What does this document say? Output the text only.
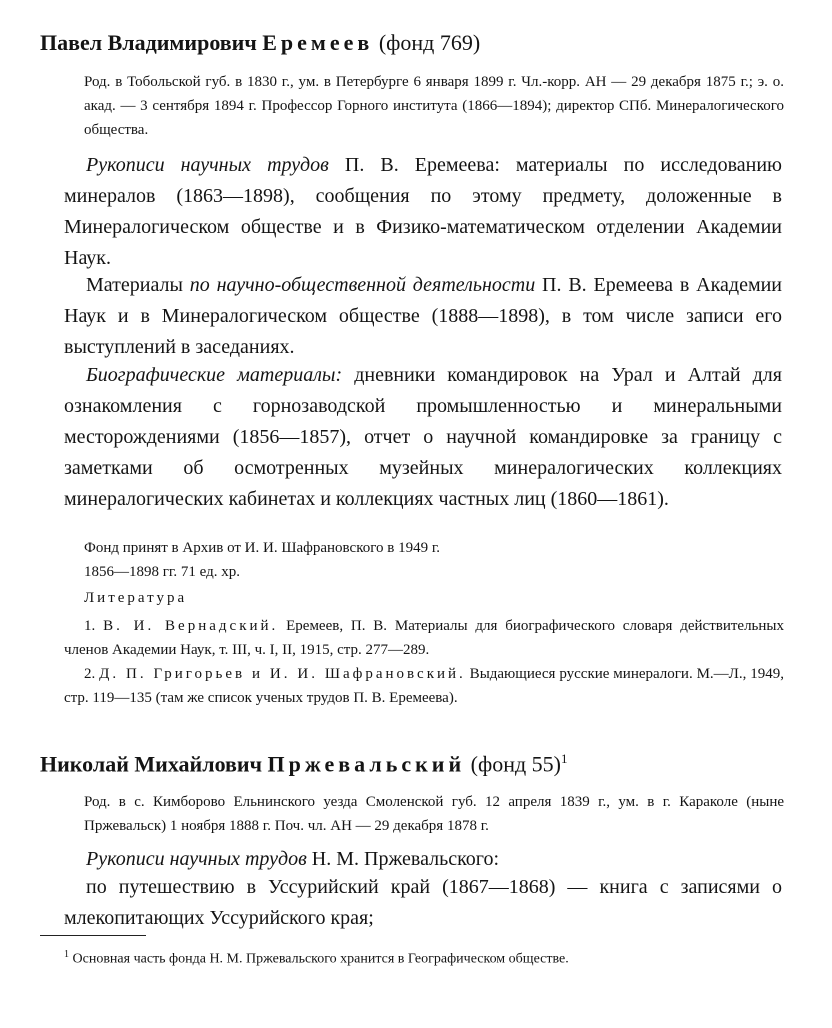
Павел Владимирович Еремеев (фонд 769)
Род. в Тобольской губ. в 1830 г., ум. в Петербурге 6 января 1899 г. Чл.-корр. АН — 29 декабря 1875 г.; э. о. акад. — 3 сентября 1894 г. Профессор Горного института (1866—1894); директор СПб. Минералогического общества.

Рукописи научных трудов П. В. Еремеева: материалы по исследованию минералов (1863—1898), сообщения по этому предмету, доложенные в Минералогическом обществе и в Физико-математическом отделении Академии Наук.

Материалы по научно-общественной деятельности П. В. Еремеева в Академии Наук и в Минералогическом обществе (1888—1898), в том числе записи его выступлений в заседаниях.

Биографические материалы: дневники командировок на Урал и Алтай для ознакомления с горнозаводской промышленностью и минеральными месторождениями (1856—1857), отчет о научной командировке за границу с заметками об осмотренных музейных минералогических коллекциях минералогических кабинетах и коллекциях частных лиц (1860—1861).

Фонд принят в Архив от И. И. Шафрановского в 1949 г.
1856—1898 гг. 71 ед. хр.
Литература
1. В. И. Вернадский. Еремеев, П. В. Материалы для биографического словаря действительных членов Академии Наук, т. III, ч. I, II, 1915, стр. 277—289.
2. Д. П. Григорьев и И. И. Шафрановский. Выдающиеся русские минералоги. М.—Л., 1949, стр. 119—135 (там же список ученых трудов П. В. Еремеева).
Николай Михайлович Пржевальский (фонд 55)$^1$
Род. в с. Кимборово Ельнинского уезда Смоленской губ. 12 апреля 1839 г., ум. в г. Караколе (ныне Пржевальск) 1 ноября 1888 г. Поч. чл. АН — 29 декабря 1878 г.

Рукописи научных трудов Н. М. Пржевальского:

по путешествию в Уссурийский край (1867—1868) — книга с записями о млекопитающих Уссурийского края;

$^1$ Основная часть фонда Н. М. Пржевальского хранится в Географическом обществе.
